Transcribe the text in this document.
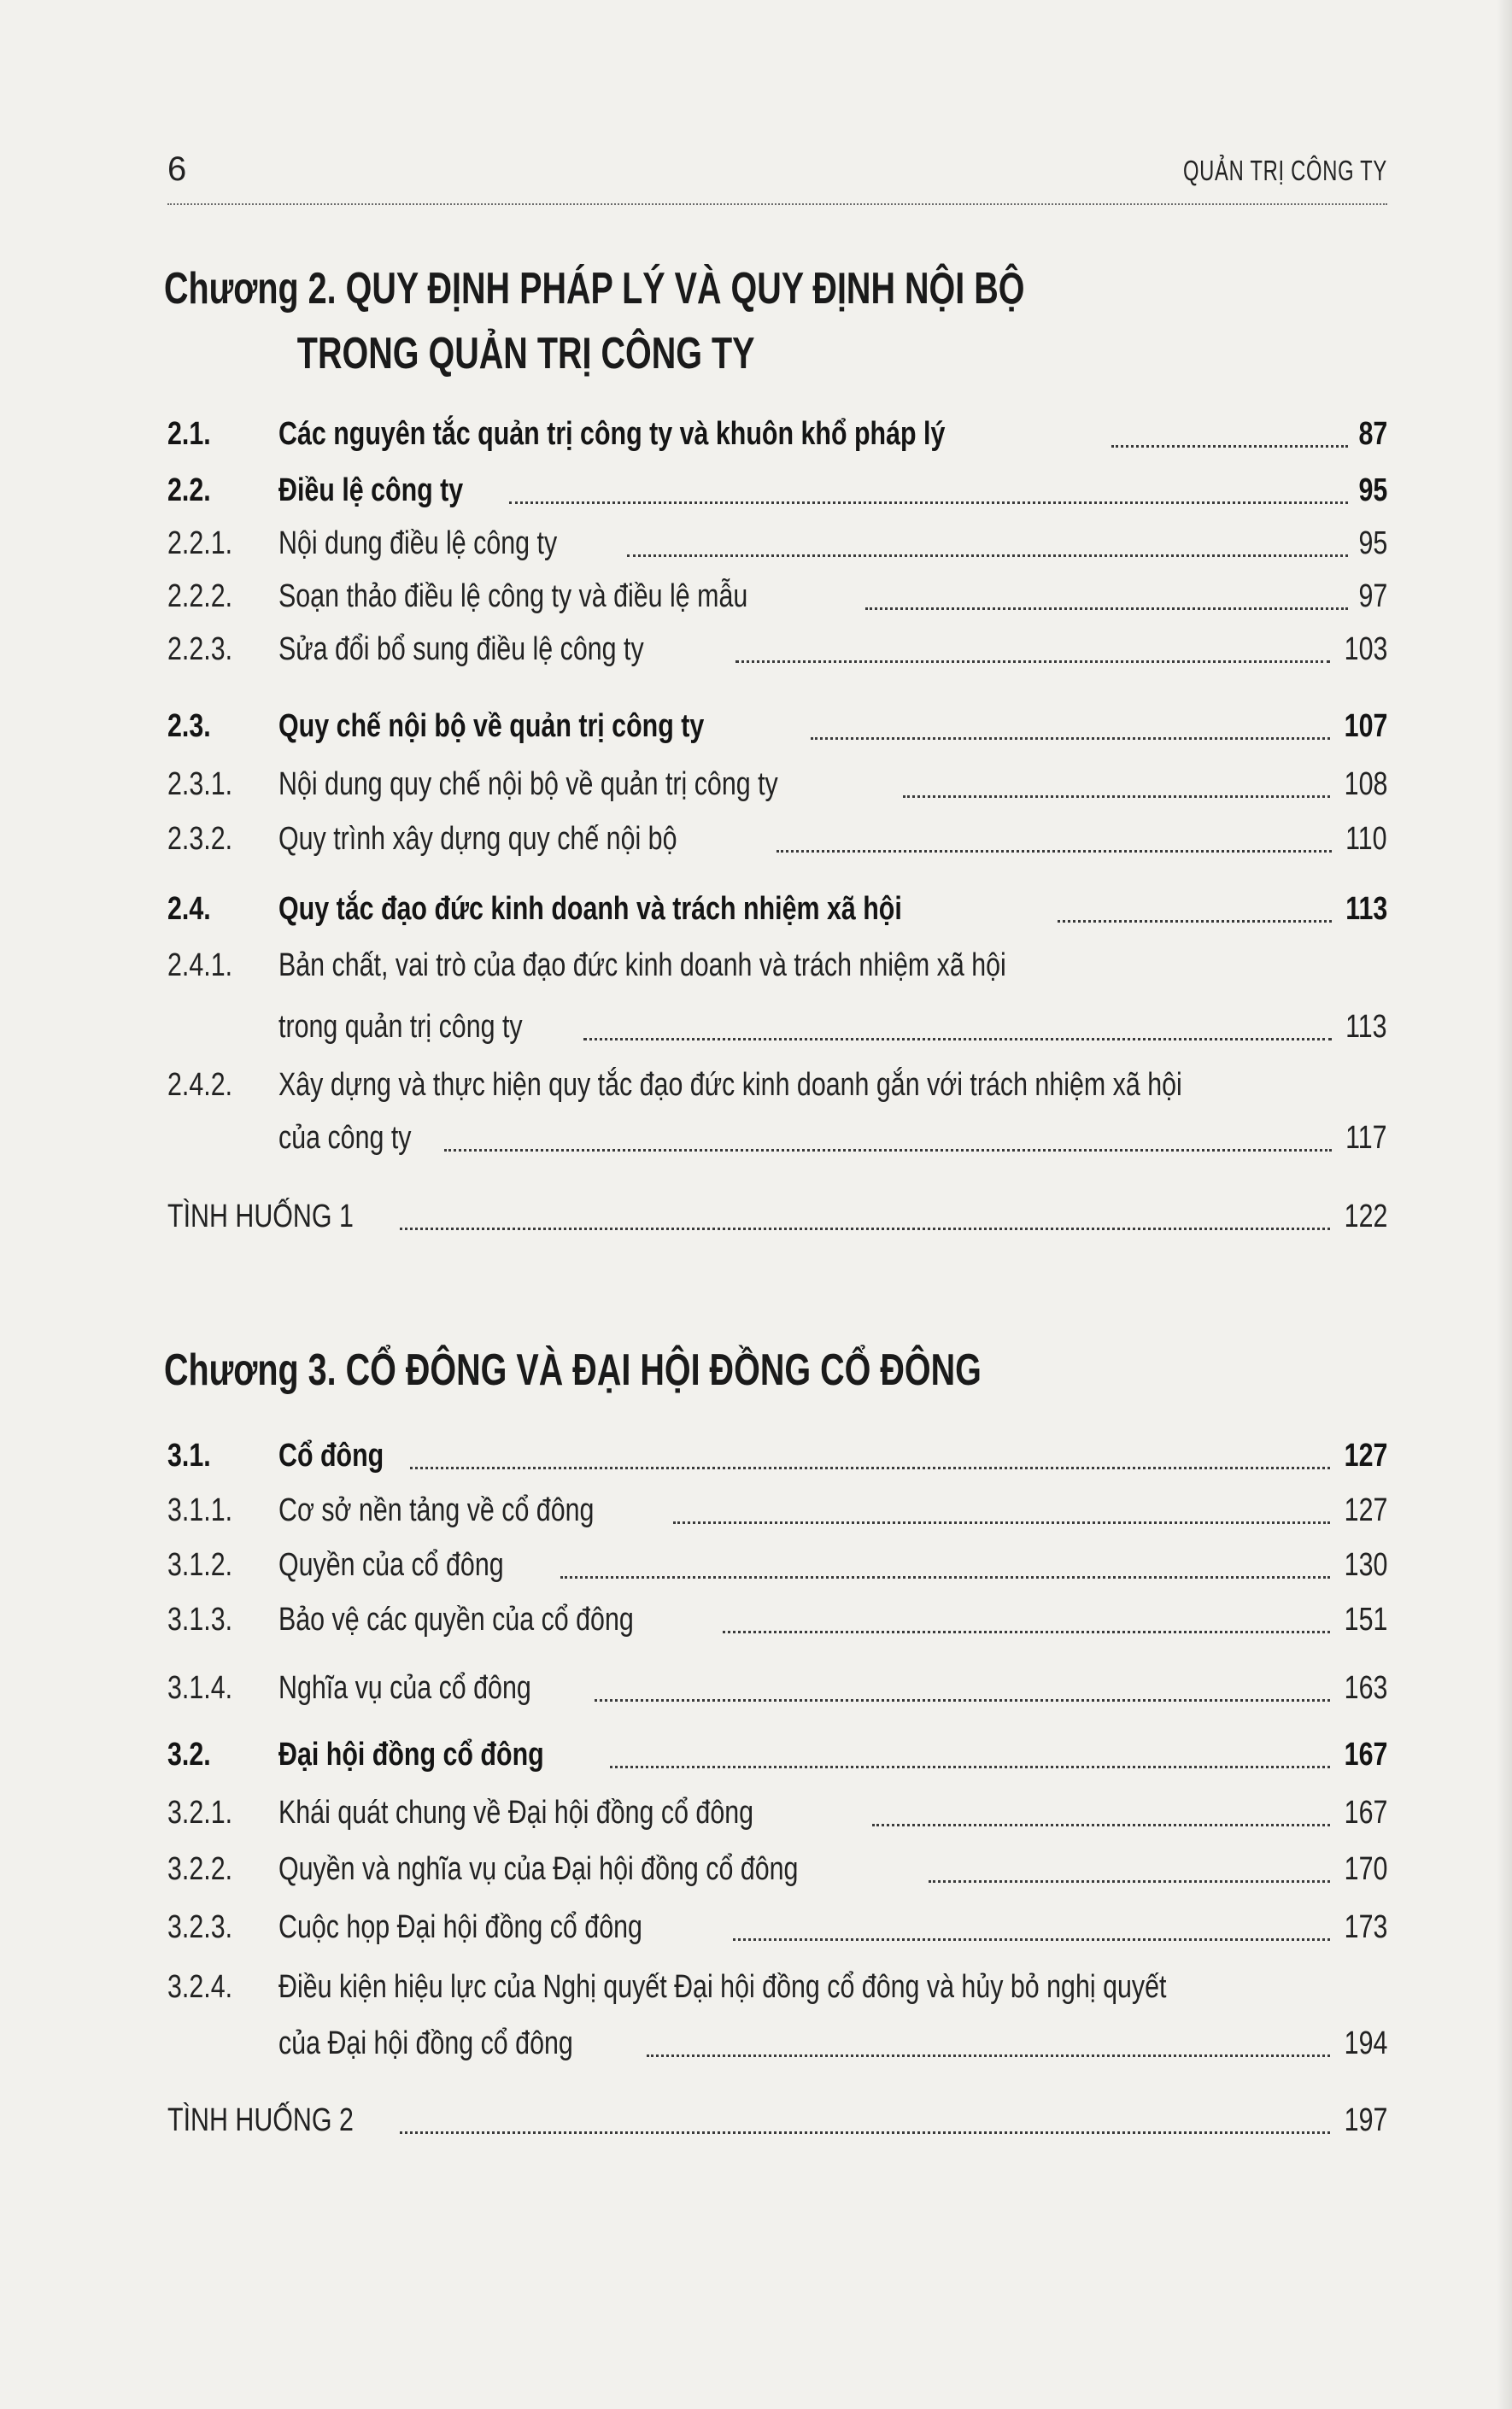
6	QUẢN TRỊ CÔNG TY
Chương 2. QUY ĐỊNH PHÁP LÝ VÀ QUY ĐỊNH NỘI BỘ
TRONG QUẢN TRỊ CÔNG TY
2.1. Các nguyên tắc quản trị công ty và khuôn khổ pháp lý	87
2.2. Điều lệ công ty	95
2.2.1. Nội dung điều lệ công ty	95
2.2.2. Soạn thảo điều lệ công ty và điều lệ mẫu	97
2.2.3. Sửa đổi bổ sung điều lệ công ty	103
2.3. Quy chế nội bộ về quản trị công ty	107
2.3.1. Nội dung quy chế nội bộ về quản trị công ty	108
2.3.2. Quy trình xây dựng quy chế nội bộ	110
2.4. Quy tắc đạo đức kinh doanh và trách nhiệm xã hội	113
2.4.1. Bản chất, vai trò của đạo đức kinh doanh và trách nhiệm xã hội
trong quản trị công ty	113
2.4.2. Xây dựng và thực hiện quy tắc đạo đức kinh doanh gắn với trách nhiệm xã hội
của công ty	117
TÌNH HUỐNG 1	122
Chương 3. CỔ ĐÔNG VÀ ĐẠI HỘI ĐỒNG CỔ ĐÔNG
3.1. Cổ đông	127
3.1.1. Cơ sở nền tảng về cổ đông	127
3.1.2. Quyền của cổ đông	130
3.1.3. Bảo vệ các quyền của cổ đông	151
3.1.4. Nghĩa vụ của cổ đông	163
3.2. Đại hội đồng cổ đông	167
3.2.1. Khái quát chung về Đại hội đồng cổ đông	167
3.2.2. Quyền và nghĩa vụ của Đại hội đồng cổ đông	170
3.2.3. Cuộc họp Đại hội đồng cổ đông	173
3.2.4. Điều kiện hiệu lực của Nghị quyết Đại hội đồng cổ đông và hủy bỏ nghị quyết
của Đại hội đồng cổ đông	194
TÌNH HUỐNG 2	197
